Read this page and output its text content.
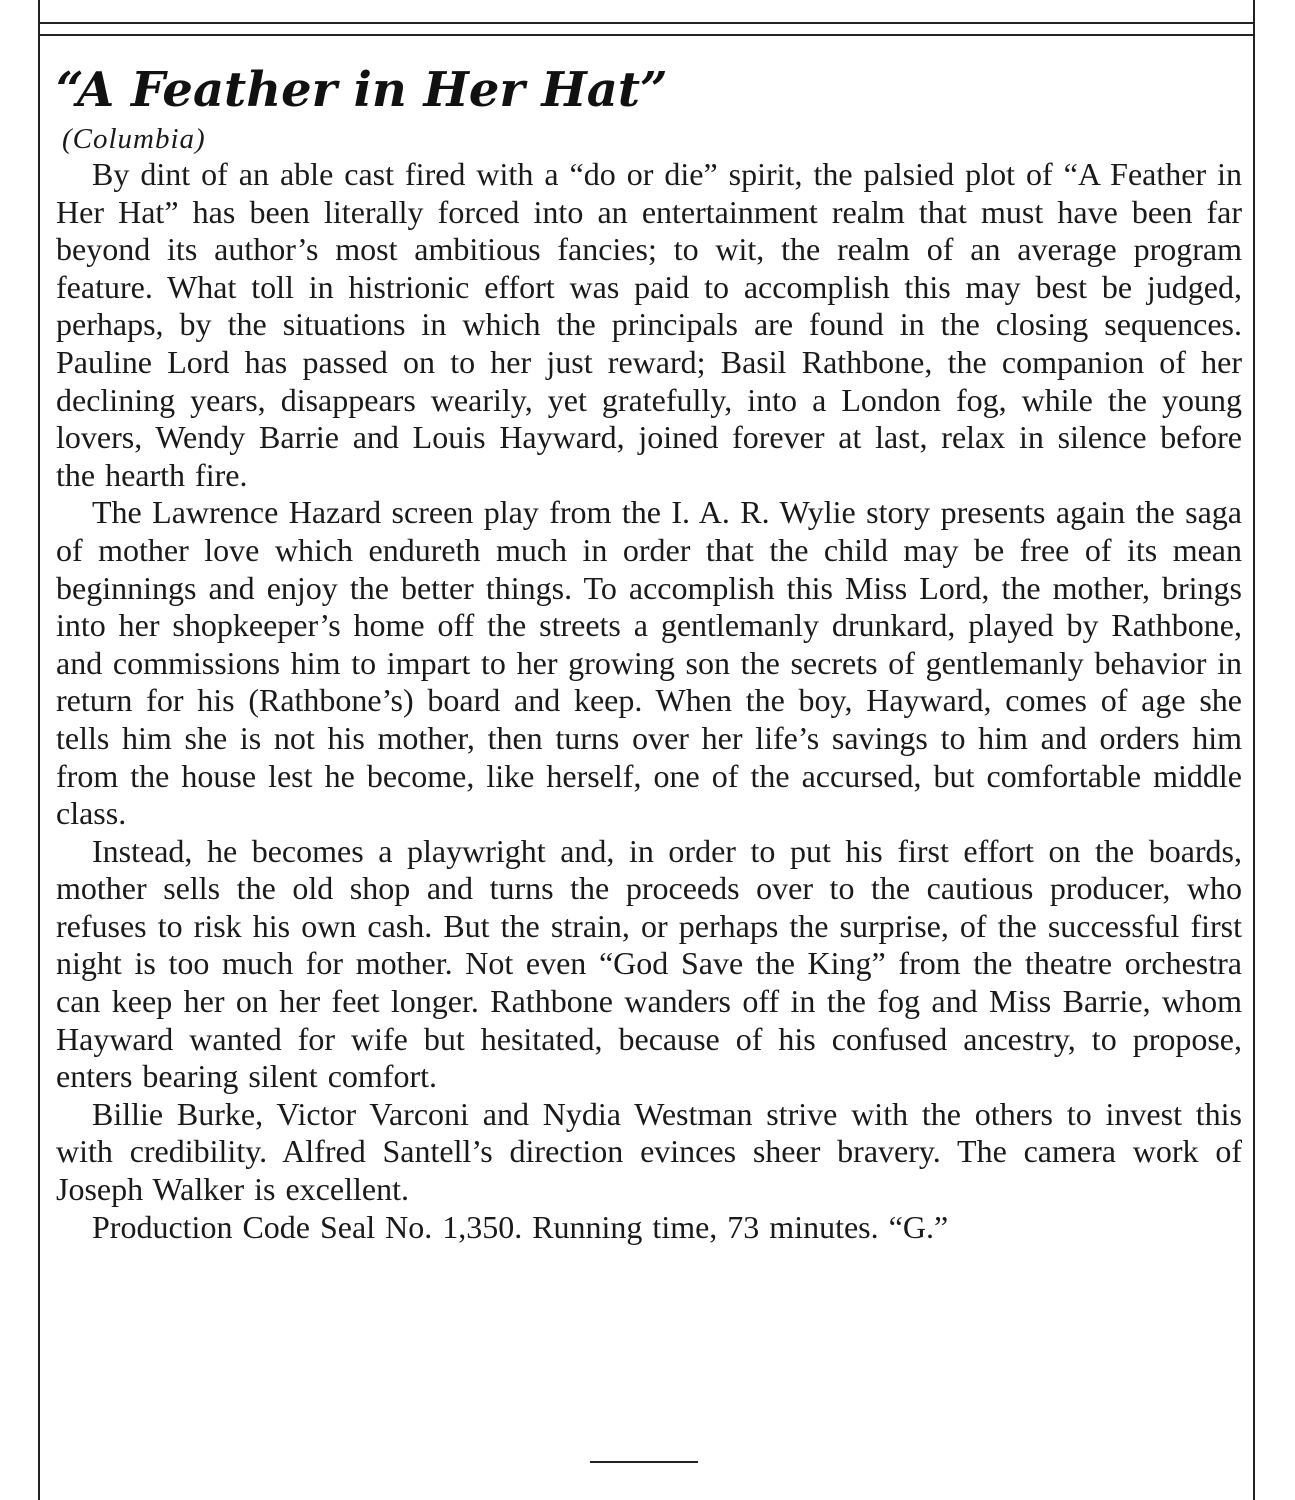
“A Feather in Her Hat”

(Columbia)

By dint of an able cast fired with a “do or die” spirit, the palsied plot of “A Feather in Her Hat” has been literally forced into an entertainment realm that must have been far beyond its author’s most ambitious fancies; to wit, the realm of an average program feature. What toll in histrionic effort was paid to accomplish this may best be judged, perhaps, by the situations in which the principals are found in the closing sequences. Pauline Lord has passed on to her just reward; Basil Rathbone, the companion of her declining years, disappears wearily, yet gratefully, into a London fog, while the young lovers, Wendy Barrie and Louis Hayward, joined forever at last, relax in silence before the hearth fire.

The Lawrence Hazard screen play from the I. A. R. Wylie story presents again the saga of mother love which endureth much in order that the child may be free of its mean beginnings and enjoy the better things. To accomplish this Miss Lord, the mother, brings into her shopkeeper’s home off the streets a gentlemanly drunkard, played by Rathbone, and commissions him to impart to her growing son the secrets of gentlemanly behavior in return for his (Rathbone’s) board and keep. When the boy, Hayward, comes of age she tells him she is not his mother, then turns over her life’s savings to him and orders him from the house lest he become, like herself, one of the accursed, but comfortable middle class.

Instead, he becomes a playwright and, in order to put his first effort on the boards, mother sells the old shop and turns the proceeds over to the cautious producer, who refuses to risk his own cash. But the strain, or perhaps the surprise, of the successful first night is too much for mother. Not even “God Save the King” from the theatre orchestra can keep her on her feet longer. Rathbone wanders off in the fog and Miss Barrie, whom Hayward wanted for wife but hesitated, because of his confused ancestry, to propose, enters bearing silent comfort.

Billie Burke, Victor Varconi and Nydia Westman strive with the others to invest this with credibility. Alfred Santell’s direction evinces sheer bravery. The camera work of Joseph Walker is excellent.

Production Code Seal No. 1,350. Running time, 73 minutes. “G.”
